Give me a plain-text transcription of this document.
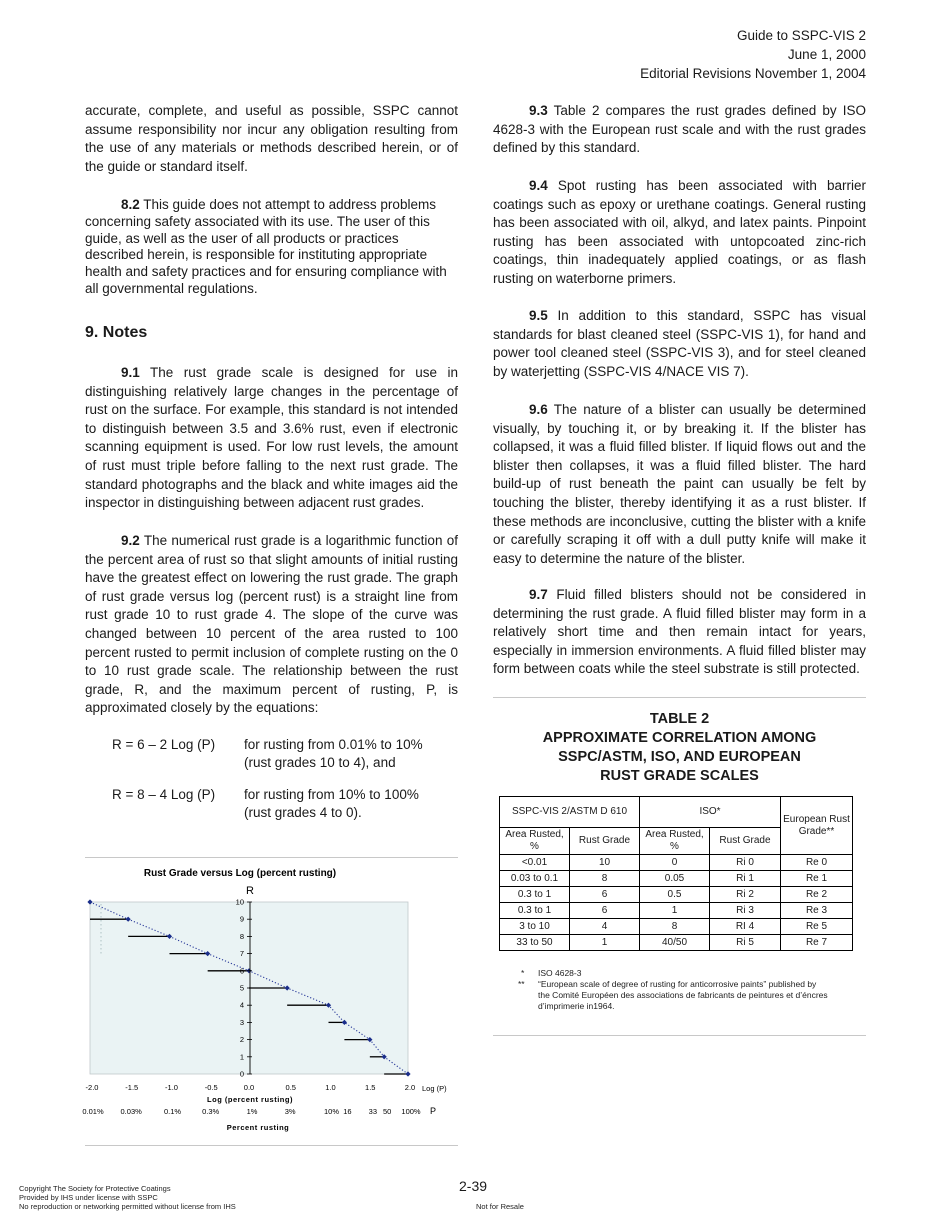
Guide to SSPC-VIS 2
June 1, 2000
Editorial Revisions November 1, 2004

accurate, complete, and useful as possible, SSPC cannot assume responsibility nor incur any obligation resulting from the use of any materials or methods described herein, or of the guide or standard itself.

8.2 This guide does not attempt to address problems concerning safety associated with its use. The user of this guide, as well as the user of all products or practices described herein, is responsible for instituting appropriate health and safety practices and for ensuring compliance with all governmental regulations.

9. Notes

9.1 The rust grade scale is designed for use in distinguishing relatively large changes in the percentage of rust on the surface. For example, this standard is not intended to distinguish between 3.5 and 3.6% rust, even if electronic scanning equipment is used. For low rust levels, the amount of rust must triple before falling to the next rust grade. The standard photographs and the black and white images aid the inspector in distinguishing between adjacent rust grades.

9.2 The numerical rust grade is a logarithmic function of the percent area of rust so that slight amounts of initial rusting have the greatest effect on lowering the rust grade. The graph of rust grade versus log (percent rust) is a straight line from rust grade 10 to rust grade 4. The slope of the curve was changed between 10 percent of the area rusted to 100 percent rusted to permit inclusion of complete rusting on the 0 to 10 rust grade scale. The relationship between the rust grade, R, and the maximum percent of rusting, P, is approximated closely by the equations:

R = 6 – 2 Log (P) for rusting from 0.01% to 10%
(rust grades 10 to 4), and
R = 8 – 4 Log (P) for rusting from 10% to 100%
(rust grades 4 to 0).
Rust Grade versus Log (percent rusting)
R
0
1
2
3
4
5
6
7
8
9
10
-2.0	-1.5	-1.0	-0.5	0.0	0.5	1.0	1.5	2.0 Log (P)
Log (percent rusting)
0.01% 0.03%	0.1%	0.3%	1%	3%	10% 16 33 50 100% P
Percent rusting

9.3 Table 2 compares the rust grades defined by ISO 4628-3 with the European rust scale and with the rust grades defined by this standard.

9.4 Spot rusting has been associated with barrier coatings such as epoxy or urethane coatings. General rusting has been associated with oil, alkyd, and latex paints. Pinpoint rusting has been associated with untopcoated zinc-rich coatings, thin inadequately applied coatings, or as flash rusting on waterborne primers.

9.5 In addition to this standard, SSPC has visual standards for blast cleaned steel (SSPC-VIS 1), for hand and power tool cleaned steel (SSPC-VIS 3), and for steel cleaned by waterjetting (SSPC-VIS 4/NACE VIS 7).

9.6 The nature of a blister can usually be determined visually, by touching it, or by breaking it. If the blister has collapsed, it was a fluid filled blister. If liquid flows out and the blister then collapses, it was a fluid filled blister. The hard build-up of rust beneath the paint can usually be felt by touching the blister, thereby identifying it as a rust blister. If these methods are inconclusive, cutting the blister with a knife or carefully scraping it off with a dull putty knife will make it easy to determine the nature of the blister.

9.7 Fluid filled blisters should not be considered in determining the rust grade. A fluid filled blister may form in a relatively short time and then remain intact for years, especially in immersion environments. A fluid filled blister may form between coats while the steel substrate is still protected.

TABLE 2
APPROXIMATE CORRELATION AMONG
SSPC/ASTM, ISO, AND EUROPEAN
RUST GRADE SCALES
SSPC-VIS 2/ASTM D 610		ISO*		European Rust Grade**
Area Rusted, %	Rust Grade	Area Rusted, %	Rust Grade	
<0.01	10	0	Ri 0	Re 0
0.03 to 0.1	8	0.05	Ri 1	Re 1
0.3 to 1	6	0.5	Ri 2	Re 2
0.3 to 1	6	1	Ri 3	Re 3
3 to 10	4	8	RI 4	Re 5
33 to 50	1	40/50	Ri 5	Re 7
* ISO 4628-3
** “European scale of degree of rusting for anticorrosive paints” published by
the Comité Européen des associations de fabricants de peintures et d’éncres
d’imprimerie in1964.
2-39
Copyright The Society for Protective Coatings
Provided by IHS under license with SSPC
No reproduction or networking permitted without license from IHS	Not for Resale
